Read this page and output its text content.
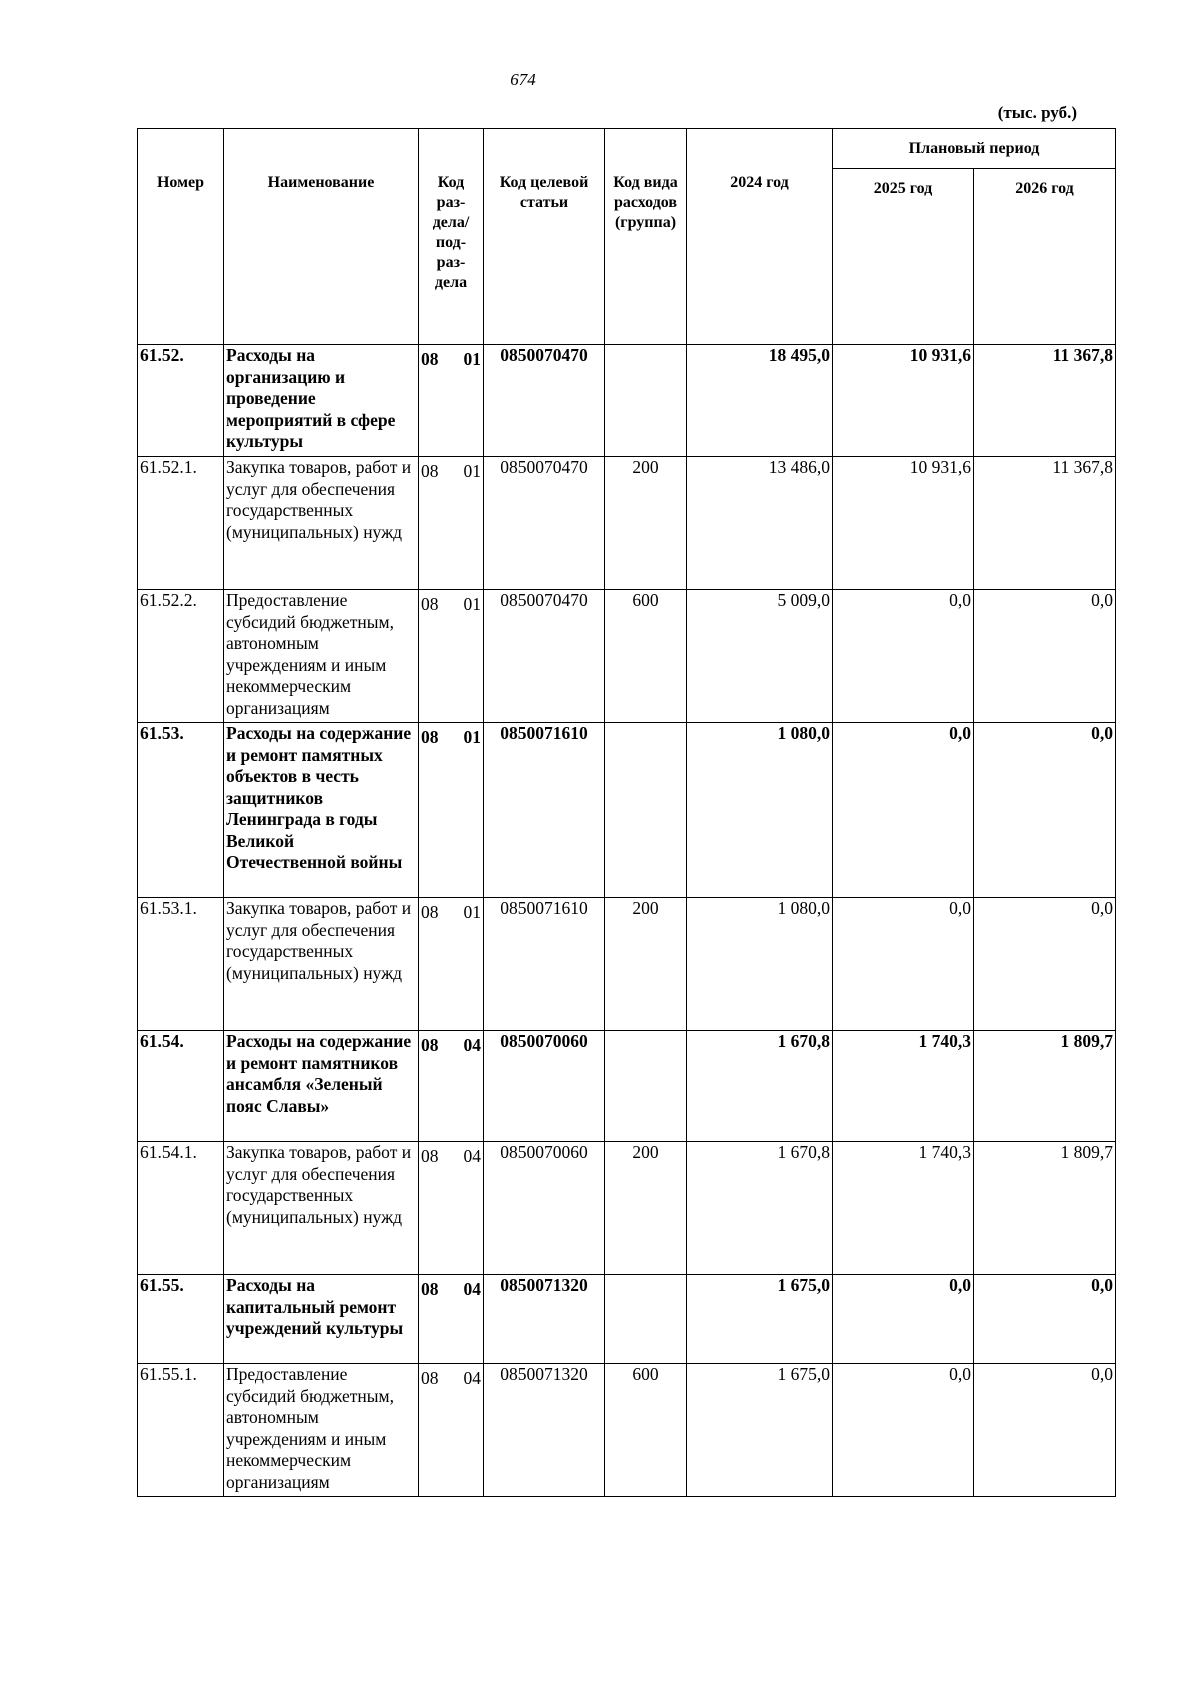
674
(тыс. руб.)
Номер	Наименование	Код раз-дела/ под-раз-дела	Код целевой статьи	Код вида расходов (группа)	2024 год	Плановый период	
						2025 год	2026 год
61.52.	Расходы на организацию и проведение мероприятий в сфере культуры	08 01	0850070470		18 495,0	10 931,6	11 367,8
61.52.1.	Закупка товаров, работ и услуг для обеспечения государственных (муниципальных) нужд	08 01	0850070470	200	13 486,0	10 931,6	11 367,8
61.52.2.	Предоставление субсидий бюджетным, автономным учреждениям и иным некоммерческим организациям	08 01	0850070470	600	5 009,0	0,0	0,0
61.53.	Расходы на содержание и ремонт памятных объектов в честь защитников Ленинграда в годы Великой Отечественной войны	08 01	0850071610		1 080,0	0,0	0,0
61.53.1.	Закупка товаров, работ и услуг для обеспечения государственных (муниципальных) нужд	08 01	0850071610	200	1 080,0	0,0	0,0
61.54.	Расходы на содержание и ремонт памятников ансамбля «Зеленый пояс Славы»	08 04	0850070060		1 670,8	1 740,3	1 809,7
61.54.1.	Закупка товаров, работ и услуг для обеспечения государственных (муниципальных) нужд	08 04	0850070060	200	1 670,8	1 740,3	1 809,7
61.55.	Расходы на капитальный ремонт учреждений культуры	08 04	0850071320		1 675,0	0,0	0,0
61.55.1.	Предоставление субсидий бюджетным, автономным учреждениям и иным некоммерческим организациям	08 04	0850071320	600	1 675,0	0,0	0,0
